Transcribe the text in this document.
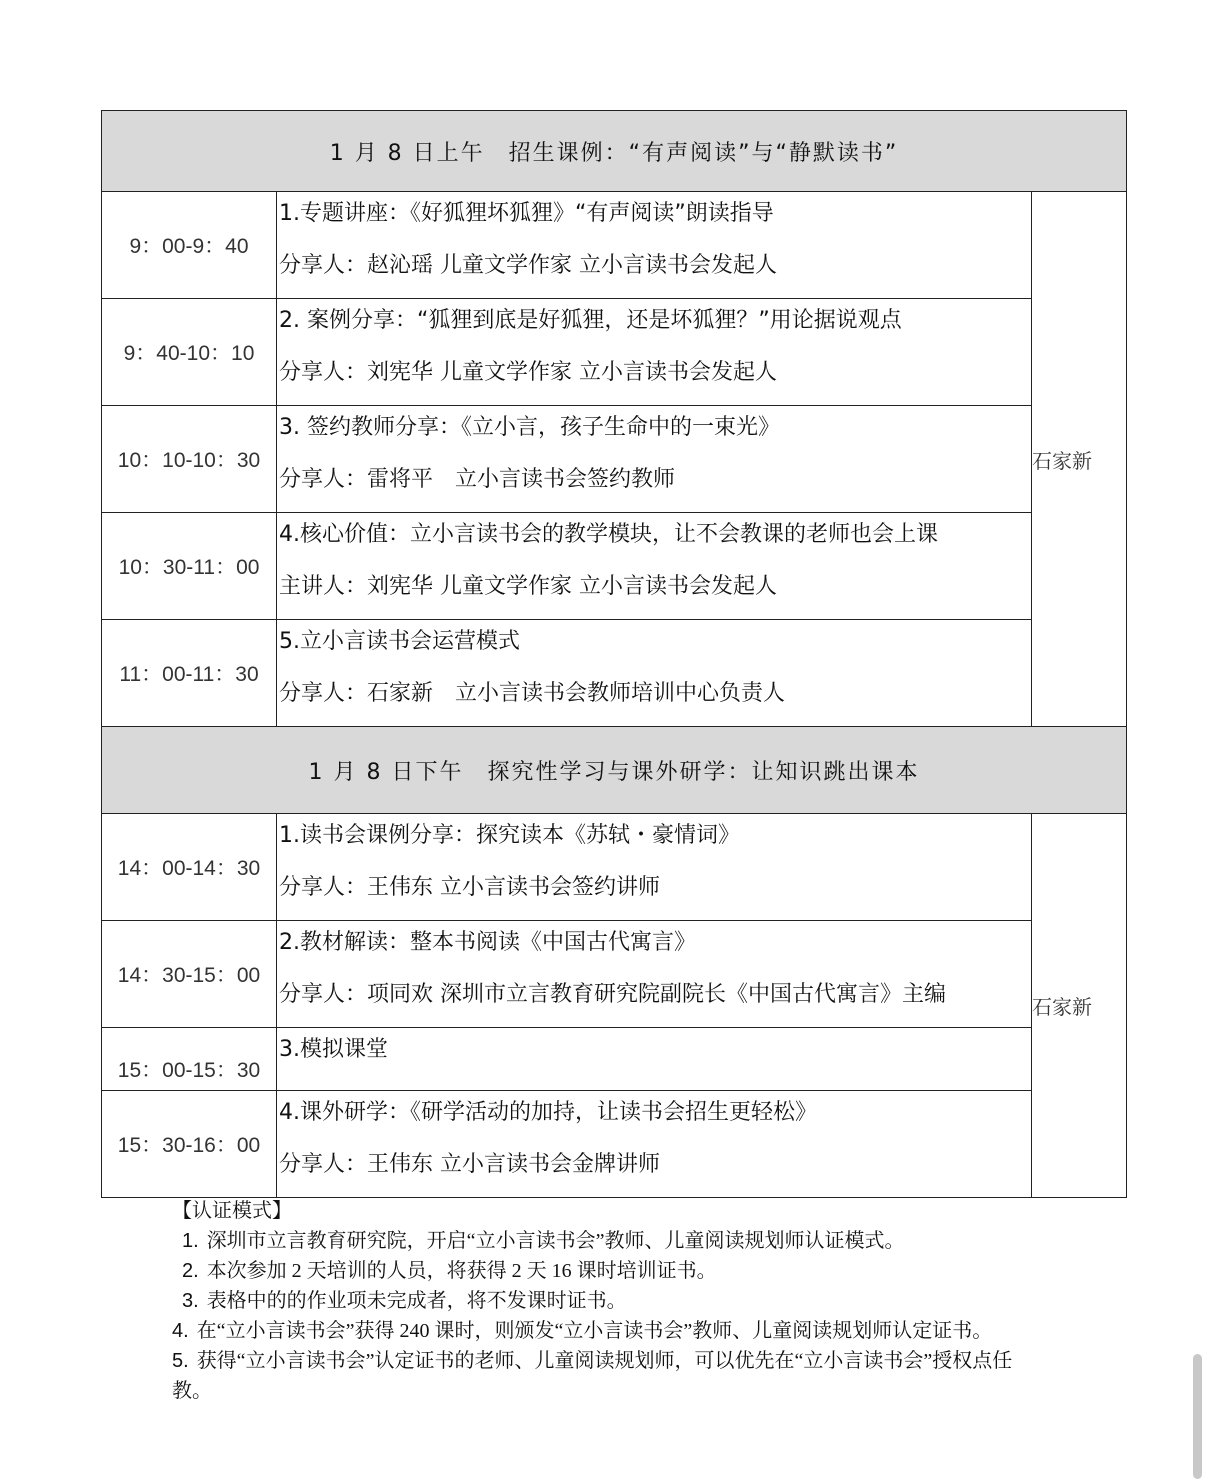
1 月 8 日上午　招生课例：“有声阅读”与“静默读书”		
9：00-9：40	1.专题讲座：《好狐狸坏狐狸》“有声阅读”朗读指导
分享人：赵沁瑶 儿童文学作家 立小言读书会发起人	石家新
9：40-10：10	2. 案例分享：“狐狸到底是好狐狸，还是坏狐狸？”用论据说观点
分享人：刘宪华 儿童文学作家 立小言读书会发起人	

10：10-10：30	3. 签约教师分享：《立小言，孩子生命中的一束光》
分享人：雷将平　立小言读书会签约教师	

10：30-11：00	4.核心价值：立小言读书会的教学模块，让不会教课的老师也会上课
主讲人：刘宪华 儿童文学作家 立小言读书会发起人	

11：00-11：30	5.立小言读书会运营模式
分享人：石家新　立小言读书会教师培训中心负责人	

1 月 8 日下午　探究性学习与课外研学：让知识跳出课本		
14：00-14：30	1.读书会课例分享：探究读本《苏轼・豪情词》
分享人：王伟东 立小言读书会签约讲师	石家新
14：30-15：00	2.教材解读：整本书阅读《中国古代寓言》
分享人：项同欢 深圳市立言教育研究院副院长《中国古代寓言》主编	

15：00-15：30	3.模拟课堂	

15：30-16：00	4.课外研学：《研学活动的加持，让读书会招生更轻松》
分享人：王伟东 立小言读书会金牌讲师	
【认证模式】
1. 深圳市立言教育研究院，开启“立小言读书会”教师、儿童阅读规划师认证模式。
2. 本次参加 2 天培训的人员，将获得 2 天 16 课时培训证书。
3. 表格中的的作业项未完成者，将不发课时证书。
4. 在“立小言读书会”获得 240 课时，则颁发“立小言读书会”教师、儿童阅读规划师认定证书。
5. 获得“立小言读书会”认定证书的老师、儿童阅读规划师，可以优先在“立小言读书会”授权点任教。
